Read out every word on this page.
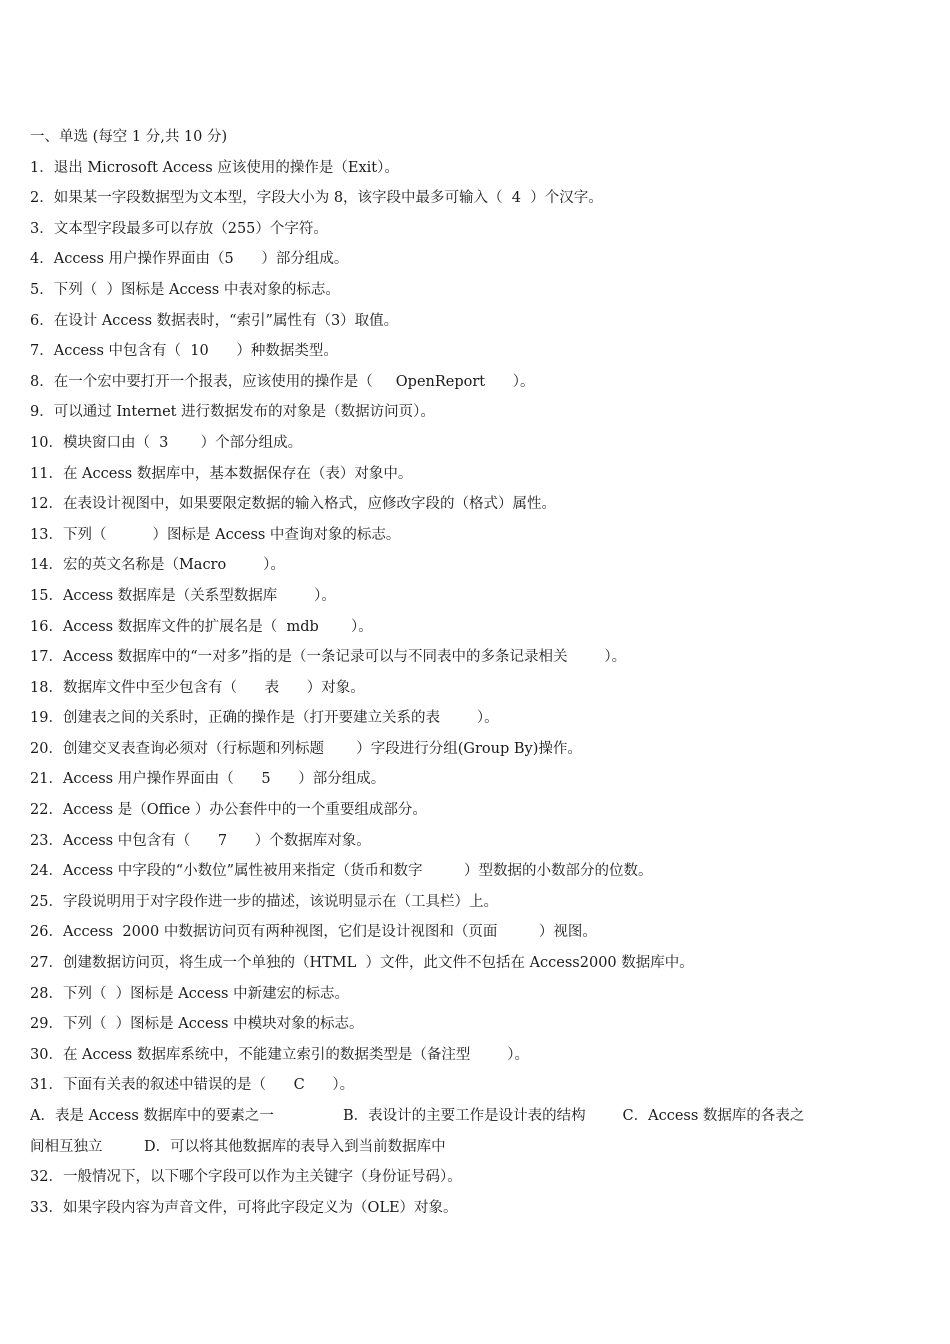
一、单选 (每空 1 分,共 10 分)
1．退出 Microsoft Access 应该使用的操作是（Exit）。
2．如果某一字段数据型为文本型，字段大小为 8，该字段中最多可输入（  4  ）个汉字。
3．文本型字段最多可以存放（255）个字符。
4．Access 用户操作界面由（5      ）部分组成。
5．下列（  ）图标是 Access 中表对象的标志。
6．在设计 Access 数据表时，“索引”属性有（3）取值。
7．Access 中包含有（  10      ）种数据类型。
8．在一个宏中要打开一个报表，应该使用的操作是（     OpenReport      ）。
9．可以通过 Internet 进行数据发布的对象是（数据访问页）。
10．模块窗口由（  3       ）个部分组成。
11．在 Access 数据库中，基本数据保存在（表）对象中。
12．在表设计视图中，如果要限定数据的输入格式，应修改字段的（格式）属性。
13．下列（          ）图标是 Access 中查询对象的标志。
14．宏的英文名称是（Macro        ）。
15．Access 数据库是（关系型数据库        ）。
16．Access 数据库文件的扩展名是（  mdb       ）。
17．Access 数据库中的“一对多”指的是（一条记录可以与不同表中的多条记录相关        ）。
18．数据库文件中至少包含有（      表      ）对象。
19．创建表之间的关系时，正确的操作是（打开要建立关系的表        ）。
20．创建交叉表查询必须对（行标题和列标题       ）字段进行分组(Group By)操作。
21．Access 用户操作界面由（      5      ）部分组成。
22．Access 是（Office ）办公套件中的一个重要组成部分。
23．Access 中包含有（      7      ）个数据库对象。
24．Access 中字段的“小数位”属性被用来指定（货币和数字         ）型数据的小数部分的位数。
25．字段说明用于对字段作进一步的描述，该说明显示在（工具栏）上。
26．Access  2000 中数据访问页有两种视图，它们是设计视图和（页面         ）视图。
27．创建数据访问页，将生成一个单独的（HTML  ）文件，此文件不包括在 Access2000 数据库中。
28．下列（  ）图标是 Access 中新建宏的标志。
29．下列（  ）图标是 Access 中模块对象的标志。
30．在 Access 数据库系统中，不能建立索引的数据类型是（备注型        ）。
31．下面有关表的叙述中错误的是（      C      ）。
A．表是 Access 数据库中的要素之一               B．表设计的主要工作是设计表的结构        C．Access 数据库的各表之
间相互独立         D．可以将其他数据库的表导入到当前数据库中
32．一般情况下，以下哪个字段可以作为主关键字（身份证号码）。
33．如果字段内容为声音文件，可将此字段定义为（OLE）对象。
